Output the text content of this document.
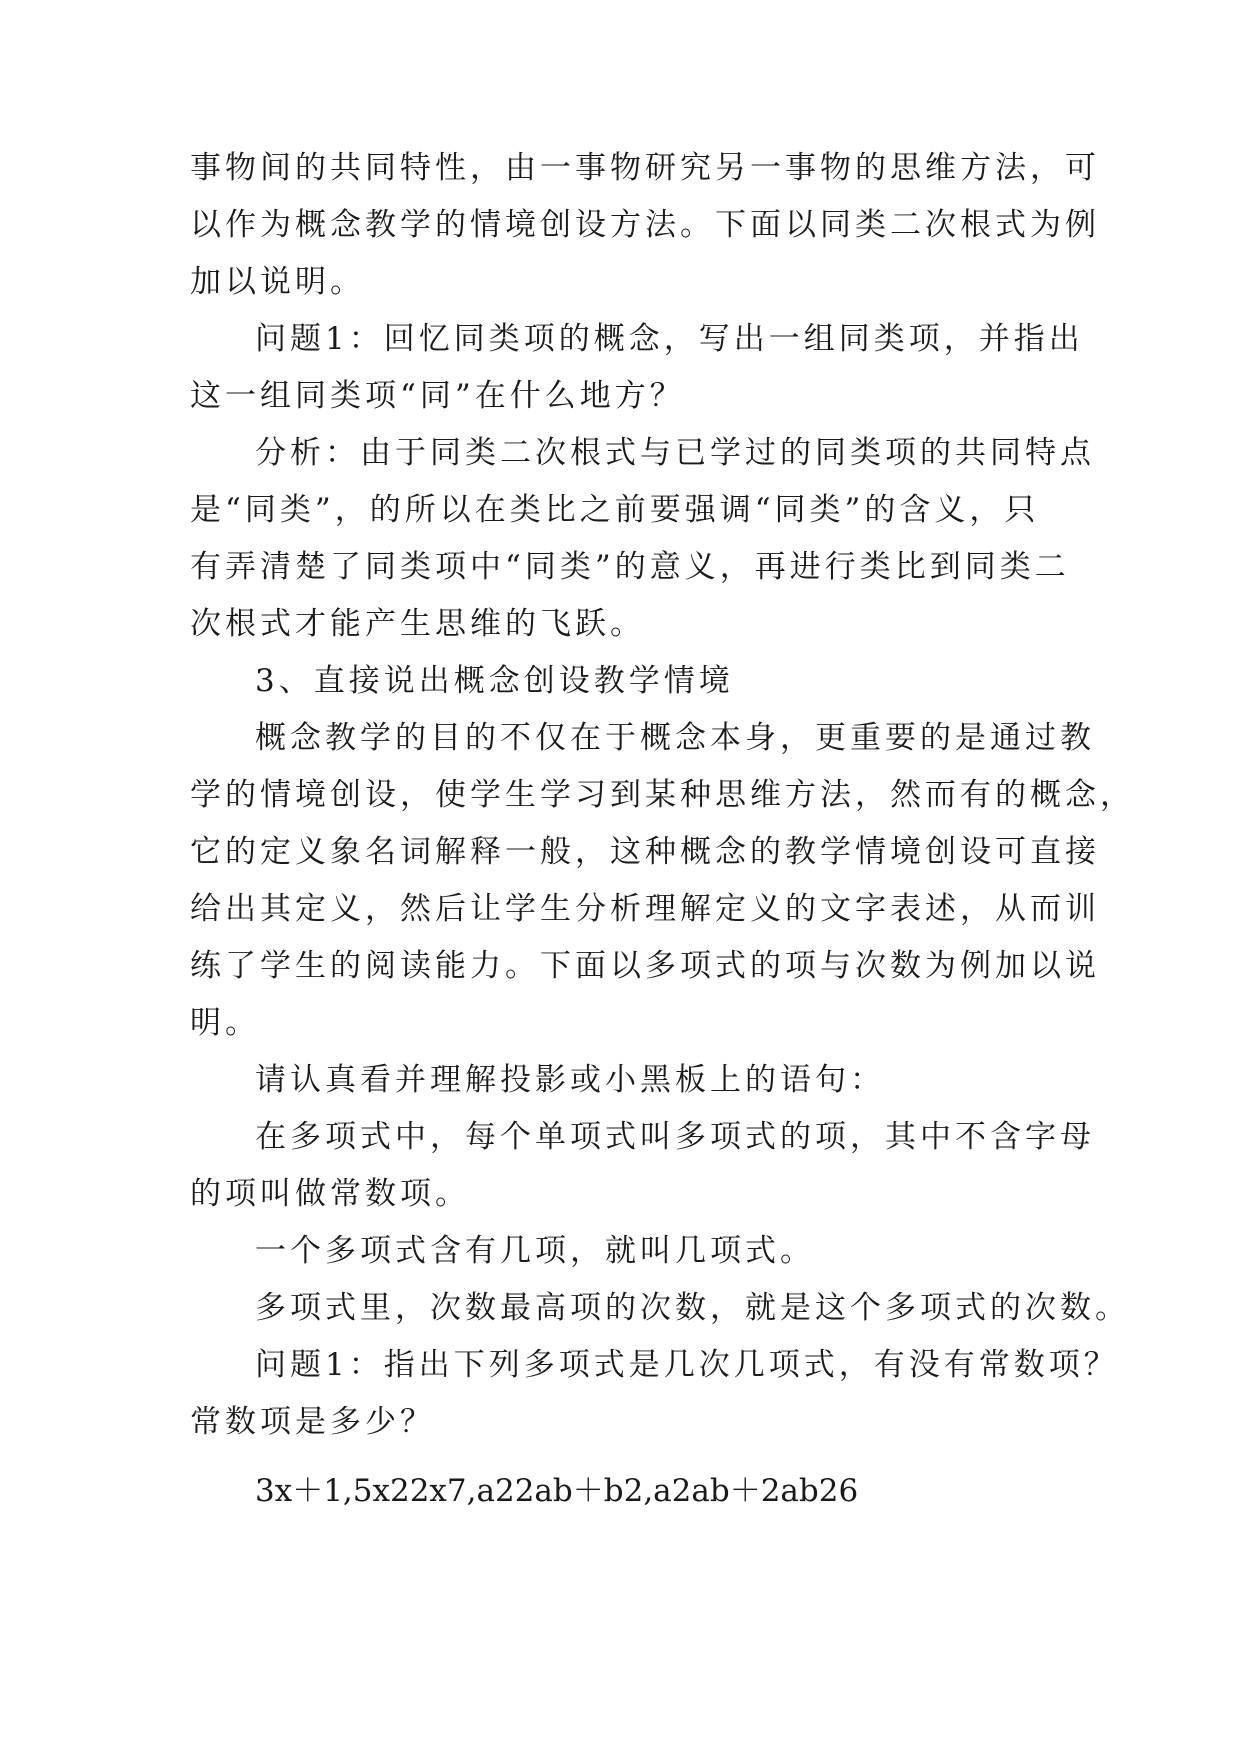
事物间的共同特性，由一事物研究另一事物的思维方法，可
以作为概念教学的情境创设方法。下面以同类二次根式为例
加以说明。
问题1：回忆同类项的概念，写出一组同类项，并指出
这一组同类项“同”在什么地方？
分析：由于同类二次根式与已学过的同类项的共同特点
是“同类”，的所以在类比之前要强调“同类”的含义，只
有弄清楚了同类项中“同类”的意义，再进行类比到同类二
次根式才能产生思维的飞跃。
3、直接说出概念创设教学情境
概念教学的目的不仅在于概念本身，更重要的是通过教
学的情境创设，使学生学习到某种思维方法，然而有的概念，
它的定义象名词解释一般，这种概念的教学情境创设可直接
给出其定义，然后让学生分析理解定义的文字表述，从而训
练了学生的阅读能力。下面以多项式的项与次数为例加以说
明。
请认真看并理解投影或小黑板上的语句：
在多项式中，每个单项式叫多项式的项，其中不含字母
的项叫做常数项。
一个多项式含有几项，就叫几项式。
多项式里，次数最高项的次数，就是这个多项式的次数。
问题1：指出下列多项式是几次几项式，有没有常数项？
常数项是多少？
3x＋1,5x22x7,a22ab＋b2,a2ab＋2ab26
